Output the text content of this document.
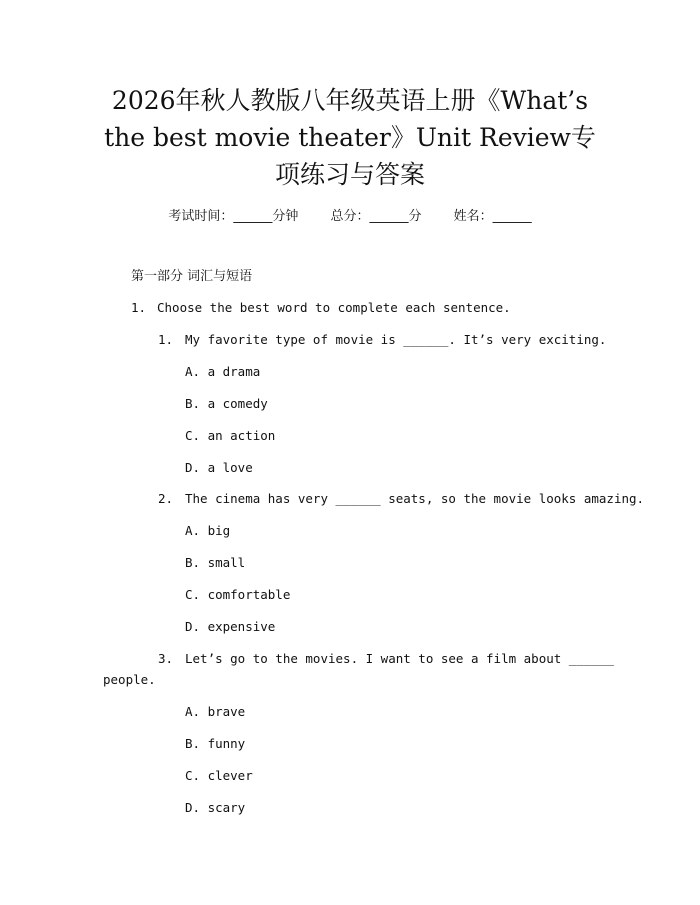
2026年秋人教版八年级英语上册《What’s
the best movie theater》Unit Review专
项练习与答案
考试时间：______分钟 总分：______分 姓名：______
第一部分 词汇与短语
1. Choose the best word to complete each sentence.
1. My favorite type of movie is ______. It’s very exciting.
A. a drama
B. a comedy
C. an action
D. a love
2. The cinema has very ______ seats, so the movie looks amazing.
A. big
B. small
C. comfortable
D. expensive
3. Let’s go to the movies. I want to see a film about ______
people.
A. brave
B. funny
C. clever
D. scary
